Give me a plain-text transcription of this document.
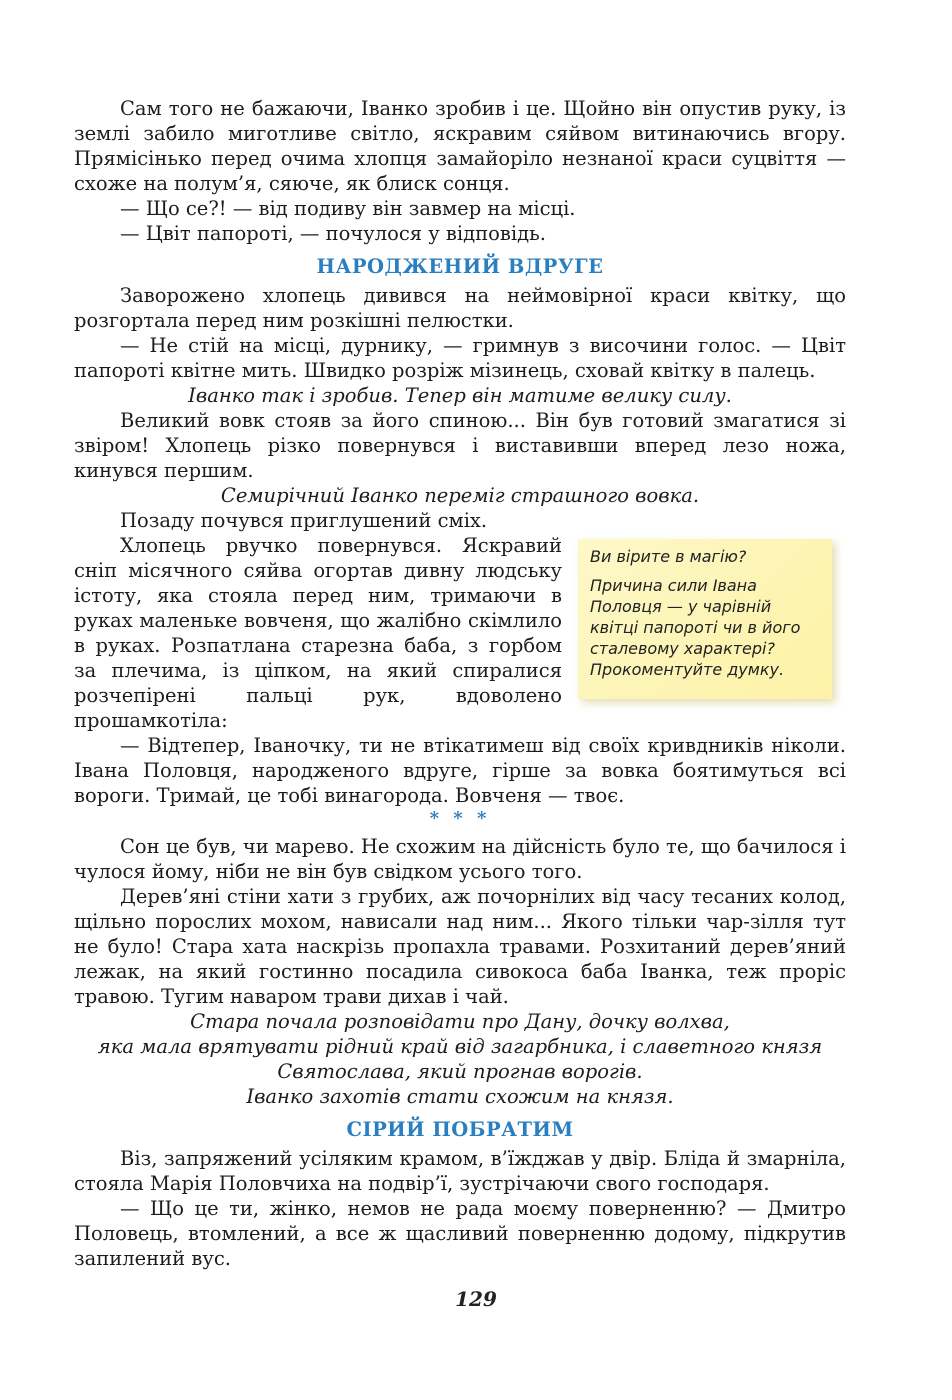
Сам того не бажаючи, Іванко зробив і це. Щойно він опустив руку, із землі забило миготливе світло, яскравим сяйвом витинаючись вгору. Прямісінько перед очима хлопця замайоріло незнаної краси суцвіття — схоже на полум’я, сяюче, як блиск сонця.

— Що се?! — від подиву він завмер на місці.

— Цвіт папороті, — почулося у відповідь.

НАРОДЖЕНИЙ ВДРУГЕ

Заворожено хлопець дивився на неймовірної краси квітку, що розгортала перед ним розкішні пелюстки.

— Не стій на місці, дурнику, — гримнув з височини голос. — Цвіт папороті квітне мить. Швидко розріж мізинець, сховай квітку в палець.

Іванко так і зробив. Тепер він матиме велику силу.

Великий вовк стояв за його спиною... Він був готовий змагатися зі звіром! Хлопець різко повернувся і виставивши вперед лезо ножа, кинувся першим.

Семирічний Іванко переміг страшного вовка.

Позаду почувся приглушений сміх.

Хлопець рвучко повернувся. Яскравий сніп місячного сяйва огортав дивну людську істоту, яка стояла перед ним, тримаючи в руках маленьке вовченя, що жалібно скімлило в руках. Розпатлана старезна баба, з горбом за плечима, із ціпком, на який спиралися розчепірені пальці рук, вдоволено прошамкотіла:

Ви вірите в магію?
Причина сили Івана Половця — у чарівній квітці папороті чи в його сталевому характері? Прокоментуйте думку.

— Відтепер, Іваночку, ти не втікатимеш від своїх кривдників ніколи. Івана Половця, народженого вдруге, гірше за вовка боятимуться всі вороги. Тримай, це тобі винагорода. Вовченя — твоє.

* * *

Сон це був, чи марево. Не схожим на дійсність було те, що бачилося і чулося йому, ніби не він був свідком усього того.

Дерев’яні стіни хати з грубих, аж почорнілих від часу тесаних колод, щільно порослих мохом, нависали над ним... Якого тільки чар-зілля тут не було! Стара хата наскрізь пропахла травами. Розхитаний дерев’яний лежак, на який гостинно посадила сивокоса баба Іванка, теж проріс травою. Тугим наваром трави дихав і чай.

Стара почала розповідати про Дану, дочку волхва,

яка мала врятувати рідний край від загарбника, і славетного князя

Святослава, який прогнав ворогів.

Іванко захотів стати схожим на князя.

СІРИЙ ПОБРАТИМ

Віз, запряжений усіляким крамом, в’їжджав у двір. Бліда й змарніла, стояла Марія Половчиха на подвір’ї, зустрічаючи свого господаря.

— Що це ти, жінко, немов не рада моєму поверненню? — Дмитро Половець, втомлений, а все ж щасливий поверненню додому, підкрутив запилений вус.

129
